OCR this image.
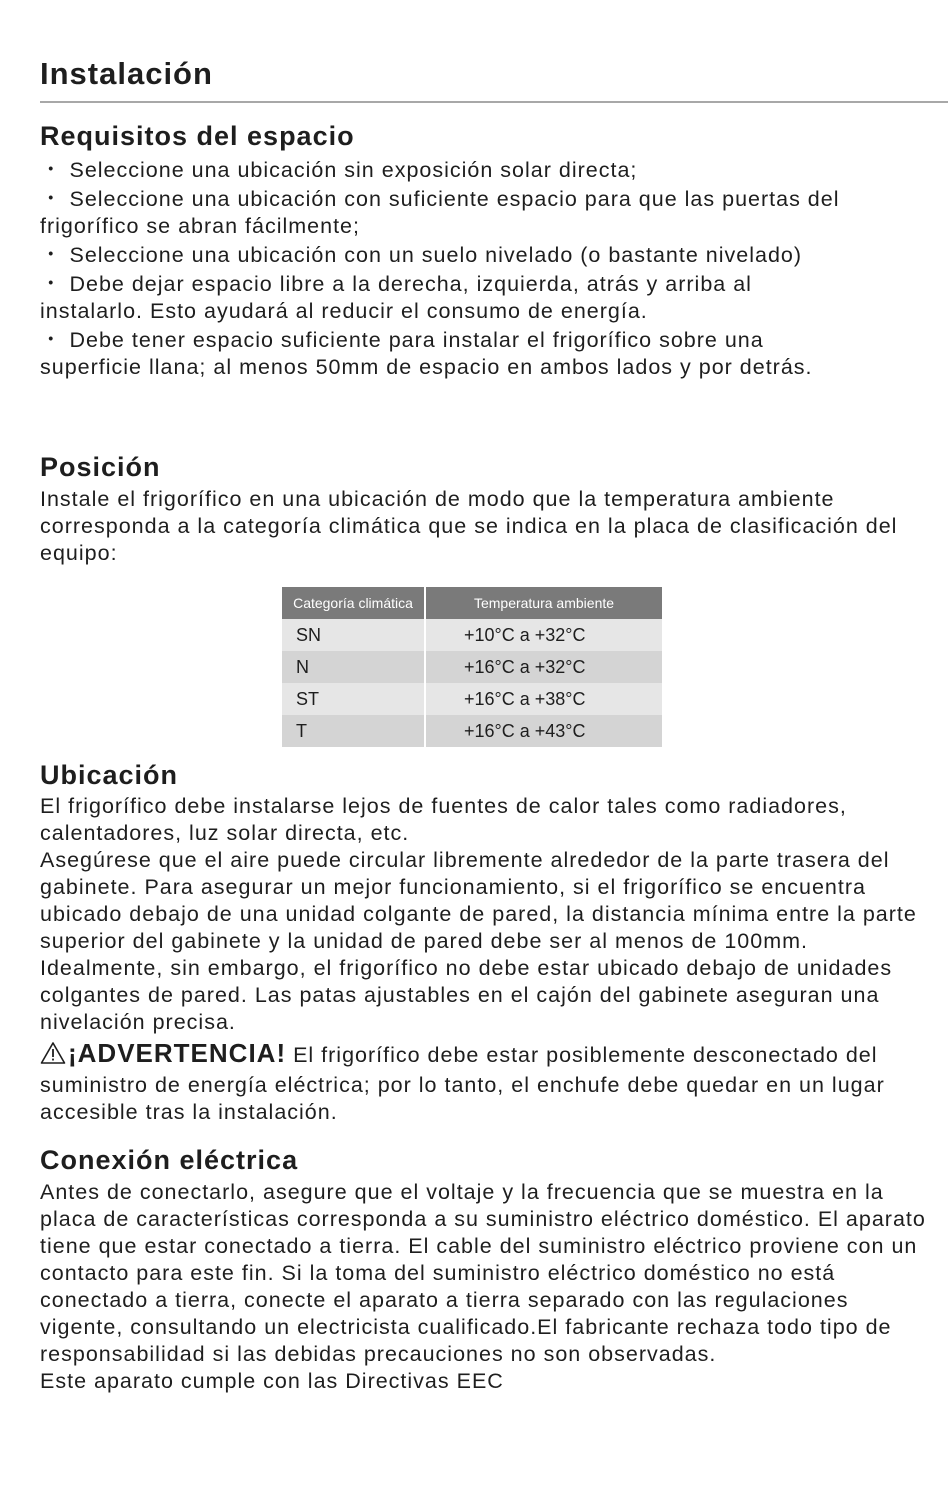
Instalación
Requisitos del espacio
・ Seleccione una ubicación sin exposición solar directa;
・ Seleccione una ubicación con suficiente espacio para que las puertas del
frigorífico se abran fácilmente;
・ Seleccione una ubicación con un suelo nivelado (o bastante nivelado)
・ Debe dejar espacio libre a la derecha, izquierda, atrás y arriba al
instalarlo. Esto ayudará al reducir el consumo de energía.
・ Debe tener espacio suficiente para instalar el frigorífico sobre una
superficie llana; al menos 50mm de espacio en ambos lados y por detrás.
Posición
Instale el frigorífico en una ubicación de modo que la temperatura ambiente corresponda a la categoría climática que se indica en la placa de clasificación del equipo:
Categoría climática	Temperatura ambiente
SN	+10°C a +32°C
N	+16°C a +32°C
ST	+16°C a +38°C
T	+16°C a +43°C
Ubicación
El frigorífico debe instalarse lejos de fuentes de calor tales como radiadores, calentadores, luz solar directa, etc.
Asegúrese que el aire puede circular libremente alrededor de la parte trasera del gabinete. Para asegurar un mejor funcionamiento, si el frigorífico se encuentra ubicado debajo de una unidad colgante de pared, la distancia mínima entre la parte superior del gabinete y la unidad de pared debe ser al menos de 100mm. Idealmente, sin embargo, el frigorífico no debe estar ubicado debajo de unidades colgantes de pared. Las patas ajustables en el cajón del gabinete aseguran una nivelación precisa.
¡ADVERTENCIA! El frigorífico debe estar posiblemente desconectado del suministro de energía eléctrica; por lo tanto, el enchufe debe quedar en un lugar accesible tras la instalación.
Conexión eléctrica
Antes de conectarlo, asegure que el voltaje y la frecuencia que se muestra en la placa de características corresponda a su suministro eléctrico doméstico. El aparato tiene que estar conectado a tierra. El cable del suministro eléctrico proviene con un contacto para este fin. Si la toma del suministro eléctrico doméstico no está conectado a tierra, conecte el aparato a tierra separado con las regulaciones vigente, consultando un electricista cualificado.El fabricante rechaza todo tipo de responsabilidad si las debidas precauciones no son observadas.
Este aparato cumple con las Directivas EEC
